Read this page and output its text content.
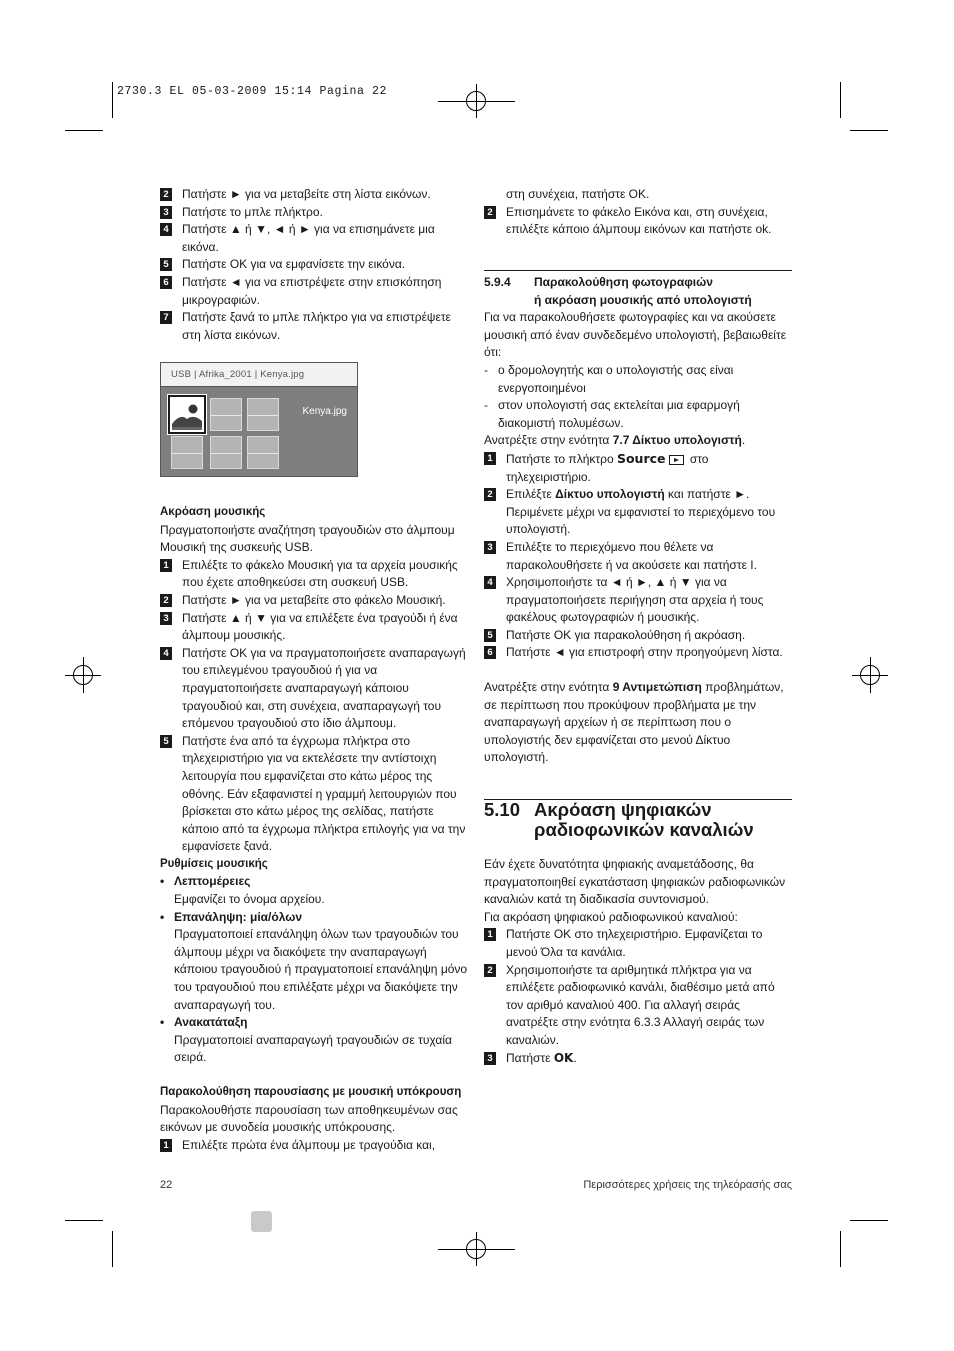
2730.3 EL 05-03-2009 15:14 Pagina 22

2 Πατήστε ► για να μεταβείτε στη λίστα εικόνων.

3 Πατήστε το μπλε πλήκτρο.

4 Πατήστε ▲ ή ▼, ◄ ή ► για να επισημάνετε μια εικόνα.

5 Πατήστε OK για να εμφανίσετε την εικόνα.

6 Πατήστε ◄ για να επιστρέψετε στην επισκόπηση μικρογραφιών.

7 Πατήστε ξανά το μπλε πλήκτρο για να επιστρέψετε στη λίστα εικόνων.

USB | Afrika_2001 | Kenya.jpg
Kenya.jpg

Ακρόαση μουσικής

Πραγματοποιήστε αναζήτηση τραγουδιών στο άλμπουμ Μουσική της συσκευής USB.

1 Επιλέξτε το φάκελο Μουσική για τα αρχεία μουσικής που έχετε αποθηκεύσει στη συσκευή USB.

2 Πατήστε ► για να μεταβείτε στο φάκελο Μουσική.

3 Πατήστε ▲ ή ▼ για να επιλέξετε ένα τραγούδι ή ένα άλμπουμ μουσικής.

4 Πατήστε OK για να πραγματοποιήσετε αναπαραγωγή του επιλεγμένου τραγουδιού ή για να πραγματοποιήσετε αναπαραγωγή κάποιου τραγουδιού και, στη συνέχεια, αναπαραγωγή του επόμενου τραγουδιού στο ίδιο άλμπουμ.

5 Πατήστε ένα από τα έγχρωμα πλήκτρα στο τηλεχειριστήριο για να εκτελέσετε την αντίστοιχη λειτουργία που εμφανίζεται στο κάτω μέρος της οθόνης. Εάν εξαφανιστεί η γραμμή λειτουργιών που βρίσκεται στο κάτω μέρος της σελίδας, πατήστε κάποιο από τα έγχρωμα πλήκτρα επιλογής για να την εμφανίσετε ξανά.

Ρυθμίσεις μουσικής

• Λεπτομέρειες

Εμφανίζει το όνομα αρχείου.

• Επανάληψη: μία/όλων

Πραγματοποιεί επανάληψη όλων των τραγουδιών του άλμπουμ μέχρι να διακόψετε την αναπαραγωγή κάποιου τραγουδιού ή πραγματοποιεί επανάληψη μόνο του τραγουδιού που επιλέξατε μέχρι να διακόψετε την αναπαραγωγή του.

• Ανακατάταξη

Πραγματοποιεί αναπαραγωγή τραγουδιών σε τυχαία σειρά.

Παρακολούθηση παρουσίασης με μουσική υπόκρουση

Παρακολουθήστε παρουσίαση των αποθηκευμένων σας εικόνων με συνοδεία μουσικής υπόκρουσης.

1 Επιλέξτε πρώτα ένα άλμπουμ με τραγούδια και,

στη συνέχεια, πατήστε OK.

2 Επισημάνετε το φάκελο Εικόνα και, στη συνέχεια, επιλέξτε κάποιο άλμπουμ εικόνων και πατήστε ok.

5.9.4 Παρακολούθηση φωτογραφιών

ή ακρόαση μουσικής από υπολογιστή

Για να παρακολουθήσετε φωτογραφίες και να ακούσετε μουσική από έναν συνδεδεμένο υπολογιστή, βεβαιωθείτε ότι:

- ο δρομολογητής και ο υπολογιστής σας είναι ενεργοποιημένοι

- στον υπολογιστή σας εκτελείται μια εφαρμογή διακομιστή πολυμέσων.

Ανατρέξτε στην ενότητα 7.7 Δίκτυο υπολογιστή.

1 Πατήστε το πλήκτρο Source στο τηλεχειριστήριο.

2 Επιλέξτε Δίκτυο υπολογιστή και πατήστε ►. Περιμένετε μέχρι να εμφανιστεί το περιεχόμενο του υπολογιστή.

3 Επιλέξτε το περιεχόμενο που θέλετε να παρακολουθήσετε ή να ακούσετε και πατήστε I.

4 Χρησιμοποιήστε τα ◄ ή ►, ▲ ή ▼ για να πραγματοποιήσετε περιήγηση στα αρχεία ή τους φακέλους φωτογραφιών ή μουσικής.

5 Πατήστε OK για παρακολούθηση ή ακρόαση.

6 Πατήστε ◄ για επιστροφή στην προηγούμενη λίστα.

Ανατρέξτε στην ενότητα 9 Αντιμετώπιση προβλημάτων, σε περίπτωση που προκύψουν προβλήματα με την αναπαραγωγή αρχείων ή σε περίπτωση που ο υπολογιστής δεν εμφανίζεται στο μενού Δίκτυο υπολογιστή.

5.10 Ακρόαση ψηφιακών

ραδιοφωνικών καναλιών

Εάν έχετε δυνατότητα ψηφιακής αναμετάδοσης, θα πραγματοποιηθεί εγκατάσταση ψηφιακών ραδιοφωνικών καναλιών κατά τη διαδικασία συντονισμού.

Για ακρόαση ψηφιακού ραδιοφωνικού καναλιού:

1 Πατήστε OK στο τηλεχειριστήριο. Εμφανίζεται το μενού Όλα τα κανάλια.

2 Χρησιμοποιήστε τα αριθμητικά πλήκτρα για να επιλέξετε ραδιοφωνικό κανάλι, διαθέσιμο μετά από τον αριθμό καναλιού 400. Για αλλαγή σειράς ανατρέξτε στην ενότητα 6.3.3 Αλλαγή σειράς των καναλιών.

3 Πατήστε OK.

22	Περισσότερες χρήσεις της τηλεόρασής σας
